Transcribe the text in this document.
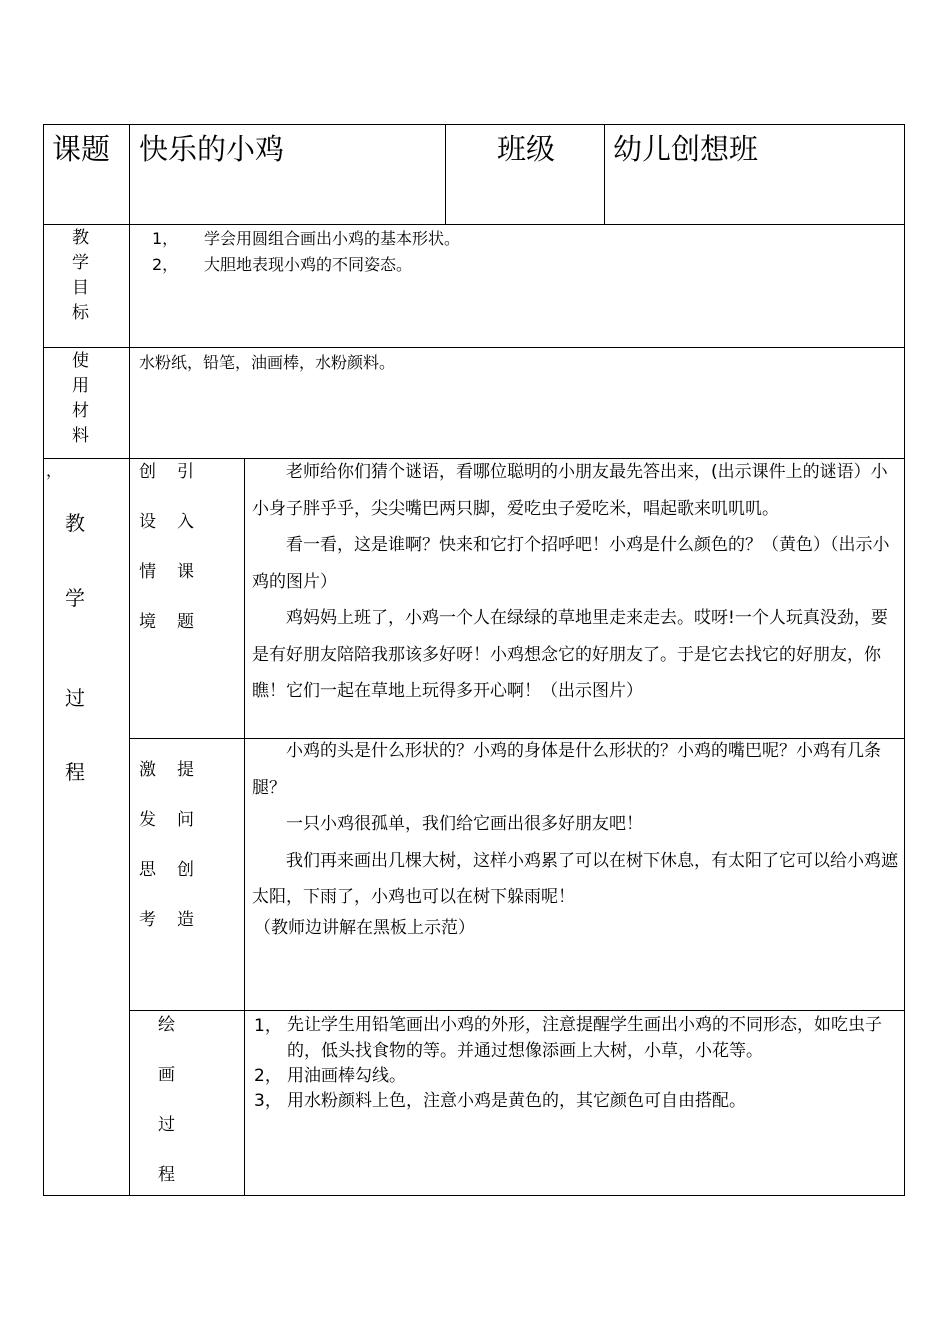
课题 快乐的小鸡	班级 幼儿创想班
教
学
目
标
1， 学会用圆组合画出小鸡的基本形状。
2， 大胆地表现小鸡的不同姿态。
使
用
材
料
水粉纸，铅笔，油画棒，水粉颜料。
，
教
学
过
程
创
设
情
境
引
入
课
题

老师给你们猜个谜语，看哪位聪明的小朋友最先答出来，(出示课件上的谜语）小小身子胖乎乎，尖尖嘴巴两只脚，爱吃虫子爱吃米，唱起歌来叽叽叽。

看一看，这是谁啊？快来和它打个招呼吧！小鸡是什么颜色的？（黄色）（出示小鸡的图片）

鸡妈妈上班了，小鸡一个人在绿绿的草地里走来走去。哎呀!一个人玩真没劲，要是有好朋友陪陪我那该多好呀！小鸡想念它的好朋友了。于是它去找它的好朋友，你瞧！它们一起在草地上玩得多开心啊！（出示图片）

激
发
思
考
提
问
创
造

小鸡的头是什么形状的？小鸡的身体是什么形状的？小鸡的嘴巴呢？小鸡有几条腿？

一只小鸡很孤单，我们给它画出很多好朋友吧！

我们再来画出几棵大树，这样小鸡累了可以在树下休息，有太阳了它可以给小鸡遮太阳，下雨了，小鸡也可以在树下躲雨呢！

（教师边讲解在黑板上示范）
绘
画
过
程
1， 先让学生用铅笔画出小鸡的外形，注意提醒学生画出小鸡的不同形态，如吃虫子的，低头找食物的等。并通过想像添画上大树，小草，小花等。
2， 用油画棒勾线。
3， 用水粉颜料上色，注意小鸡是黄色的，其它颜色可自由搭配。
